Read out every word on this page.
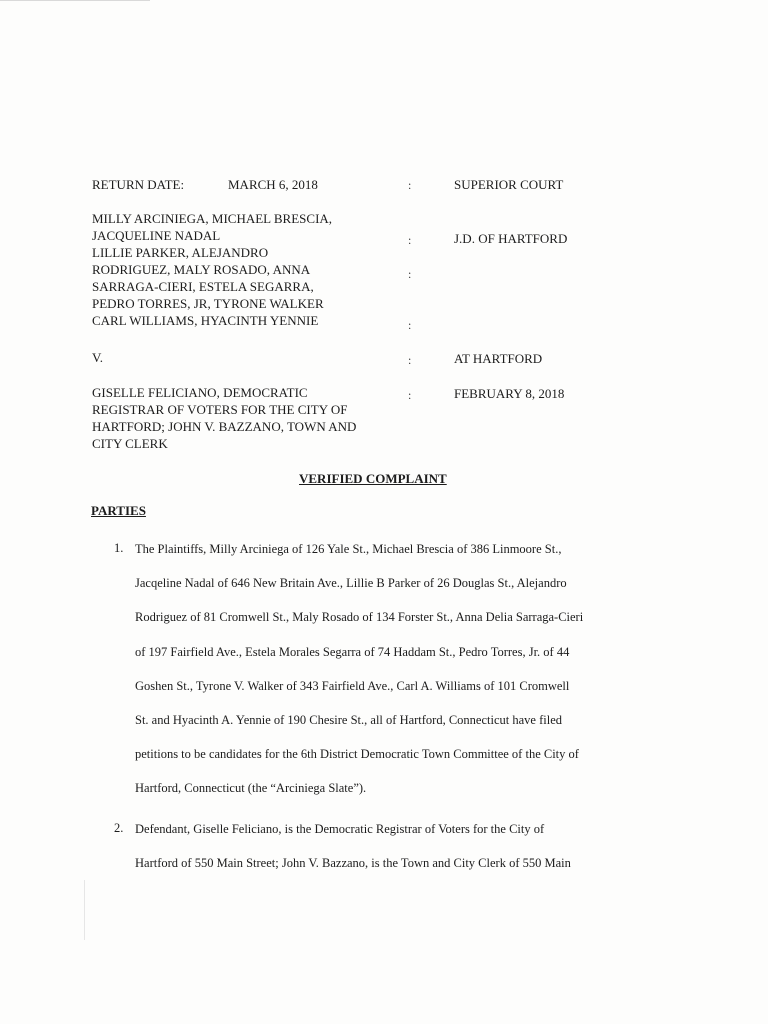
RETURN DATE:	MARCH 6, 2018	:	SUPERIOR COURT
MILLY ARCINIEGA, MICHAEL BRESCIA,
JACQUELINE NADAL
LILLIE PARKER, ALEJANDRO
RODRIGUEZ, MALY ROSADO, ANNA
SARRAGA-CIERI, ESTELA SEGARRA,
PEDRO TORRES, JR, TYRONE WALKER
CARL WILLIAMS, HYACINTH YENNIE
:	J.D. OF HARTFORD
:
:
V.	:	AT HARTFORD
GISELLE FELICIANO, DEMOCRATIC
REGISTRAR OF VOTERS FOR THE CITY OF
HARTFORD; JOHN V. BAZZANO, TOWN AND
CITY CLERK
:	FEBRUARY 8, 2018
VERIFIED COMPLAINT
PARTIES
1. The Plaintiffs, Milly Arciniega of 126 Yale St., Michael Brescia of 386 Linmoore St.,
Jacqeline Nadal of 646 New Britain Ave., Lillie B Parker of 26 Douglas St., Alejandro
Rodriguez of 81 Cromwell St., Maly Rosado of 134 Forster St., Anna Delia Sarraga-Cieri
of 197 Fairfield Ave., Estela Morales Segarra of 74 Haddam St., Pedro Torres, Jr. of 44
Goshen St., Tyrone V. Walker of 343 Fairfield Ave., Carl A. Williams of 101 Cromwell
St. and Hyacinth A. Yennie of 190 Chesire St., all of Hartford, Connecticut have filed
petitions to be candidates for the 6th District Democratic Town Committee of the City of
Hartford, Connecticut (the “Arciniega Slate”).
2. Defendant, Giselle Feliciano, is the Democratic Registrar of Voters for the City of
Hartford of 550 Main Street; John V. Bazzano, is the Town and City Clerk of 550 Main
